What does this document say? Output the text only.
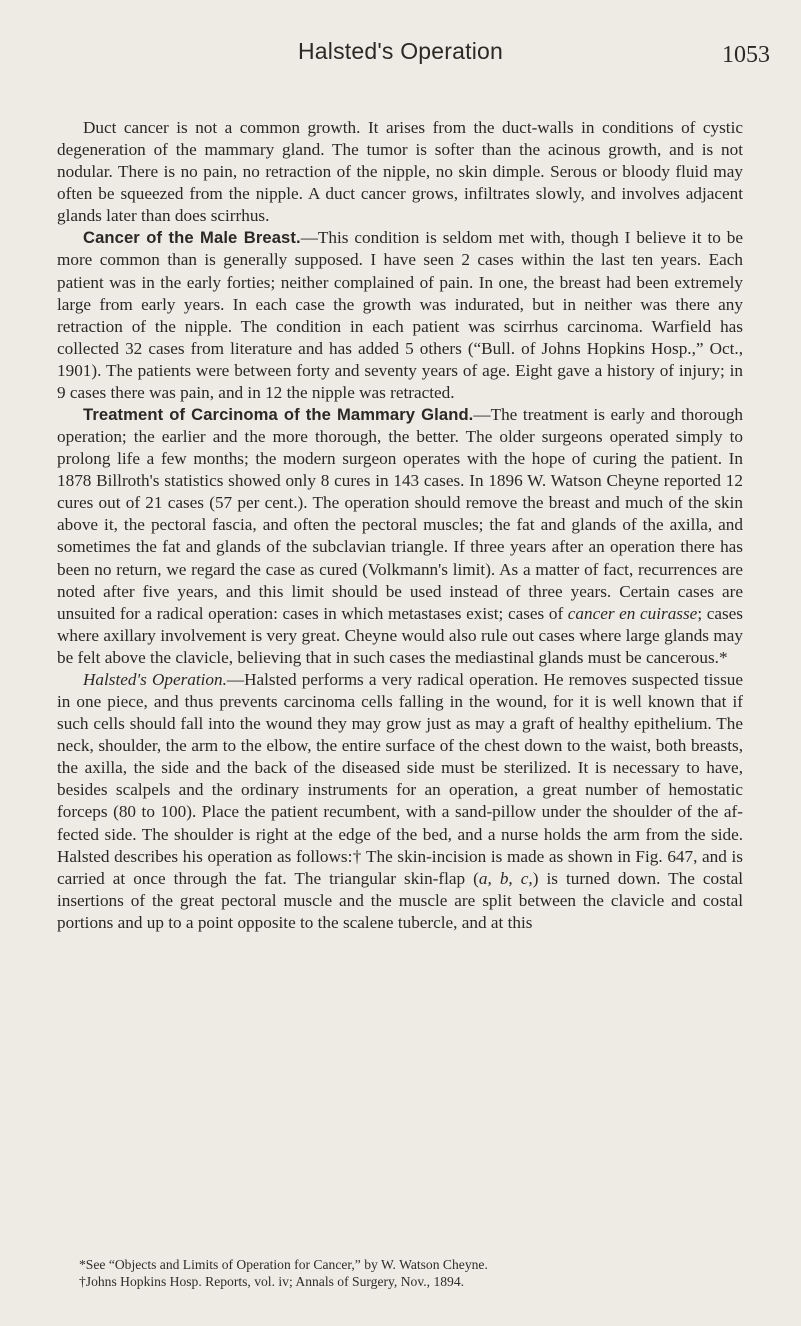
Halsted's Operation	1053

Duct cancer is not a common growth. It arises from the duct-walls in conditions of cystic degeneration of the mammary gland. The tumor is softer than the acinous growth, and is not nodular. There is no pain, no retraction of the nipple, no skin dimple. Serous or bloody fluid may often be squeezed from the nipple. A duct cancer grows, infiltrates slowly, and involves adjacent glands later than does scirrhus.

Cancer of the Male Breast.—This condition is seldom met with, though I believe it to be more common than is generally supposed. I have seen 2 cases within the last ten years. Each patient was in the early forties; neither complained of pain. In one, the breast had been extremely large from early years. In each case the growth was indurated, but in neither was there any retraction of the nipple. The condition in each patient was scirrhus carcinoma. Warfield has collected 32 cases from literature and has added 5 others (“Bull. of Johns Hopkins Hosp.,” Oct., 1901). The patients were between forty and seventy years of age. Eight gave a history of injury; in 9 cases there was pain, and in 12 the nipple was retracted.

Treatment of Carcinoma of the Mammary Gland.—The treatment is early and thorough operation; the earlier and the more thorough, the better. The older surgeons operated simply to prolong life a few months; the modern surgeon operates with the hope of curing the patient. In 1878 Billroth's statistics showed only 8 cures in 143 cases. In 1896 W. Watson Cheyne reported 12 cures out of 21 cases (57 per cent.). The operation should remove the breast and much of the skin above it, the pectoral fascia, and often the pectoral muscles; the fat and glands of the axilla, and sometimes the fat and glands of the subclavian triangle. If three years after an operation there has been no return, we regard the case as cured (Volkmann's limit). As a matter of fact, recurrences are noted after five years, and this limit should be used instead of three years. Certain cases are unsuited for a radical operation: cases in which metastases exist; cases of cancer en cuirasse; cases where axillary involvement is very great. Cheyne would also rule out cases where large glands may be felt above the clavicle, believing that in such cases the mediastinal glands must be cancerous.*

Halsted's Operation.—Halsted performs a very radical operation. He removes suspected tissue in one piece, and thus prevents carcinoma cells falling in the wound, for it is well known that if such cells should fall into the wound they may grow just as may a graft of healthy epithelium. The neck, shoulder, the arm to the elbow, the entire surface of the chest down to the waist, both breasts, the axilla, the side and the back of the diseased side must be sterilized. It is necessary to have, besides scalpels and the ordinary instruments for an operation, a great number of hemostatic forceps (80 to 100). Place the patient recumbent, with a sand-pillow under the shoulder of the affected side. The shoulder is right at the edge of the bed, and a nurse holds the arm from the side. Halsted describes his operation as follows:† The skin-incision is made as shown in Fig. 647, and is carried at once through the fat. The triangular skin-flap (a, b, c,) is turned down. The costal insertions of the great pectoral muscle and the muscle are split between the clavicle and costal portions and up to a point opposite to the scalene tubercle, and at this

*See “Objects and Limits of Operation for Cancer,” by W. Watson Cheyne.
†Johns Hopkins Hosp. Reports, vol. iv; Annals of Surgery, Nov., 1894.
